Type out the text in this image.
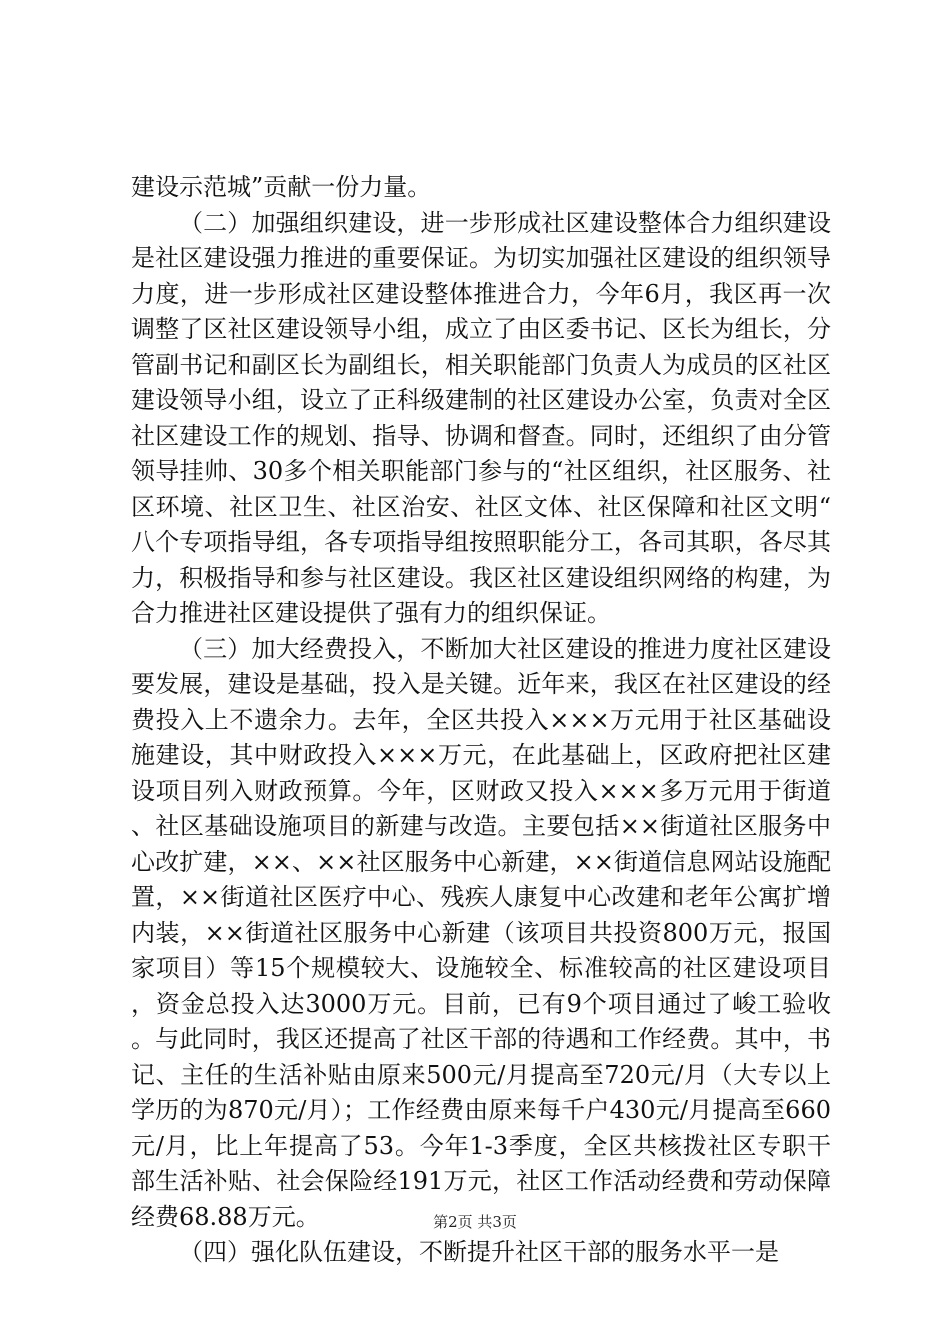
建设示范城”贡献一份力量。

（二）加强组织建设，进一步形成社区建设整体合力组织建设是社区建设强力推进的重要保证。为切实加强社区建设的组织领导力度，进一步形成社区建设整体推进合力，今年6月，我区再一次调整了区社区建设领导小组，成立了由区委书记、区长为组长，分管副书记和副区长为副组长，相关职能部门负责人为成员的区社区建设领导小组，设立了正科级建制的社区建设办公室，负责对全区社区建设工作的规划、指导、协调和督查。同时，还组织了由分管领导挂帅、30多个相关职能部门参与的“社区组织，社区服务、社区环境、社区卫生、社区治安、社区文体、社区保障和社区文明“八个专项指导组，各专项指导组按照职能分工，各司其职，各尽其力，积极指导和参与社区建设。我区社区建设组织网络的构建，为合力推进社区建设提供了强有力的组织保证。

（三）加大经费投入，不断加大社区建设的推进力度社区建设要发展，建设是基础，投入是关键。近年来，我区在社区建设的经费投入上不遗余力。去年，全区共投入×××万元用于社区基础设施建设，其中财政投入×××万元，在此基础上，区政府把社区建设项目列入财政预算。今年，区财政又投入×××多万元用于街道、社区基础设施项目的新建与改造。主要包括××街道社区服务中心改扩建，××、××社区服务中心新建，××街道信息网站设施配置，××街道社区医疗中心、残疾人康复中心改建和老年公寓扩增内装，××街道社区服务中心新建（该项目共投资800万元，报国家项目）等15个规模较大、设施较全、标准较高的社区建设项目，资金总投入达3000万元。目前，已有9个项目通过了峻工验收。与此同时，我区还提高了社区干部的待遇和工作经费。其中，书记、主任的生活补贴由原来500元/月提高至720元/月（大专以上学历的为870元/月）；工作经费由原来每千户430元/月提高至660元/月，比上年提高了53。今年1-3季度，全区共核拨社区专职干部生活补贴、社会保险经191万元，社区工作活动经费和劳动保障经费68.88万元。

（四）强化队伍建设，不断提升社区干部的服务水平一是

第2页 共3页
